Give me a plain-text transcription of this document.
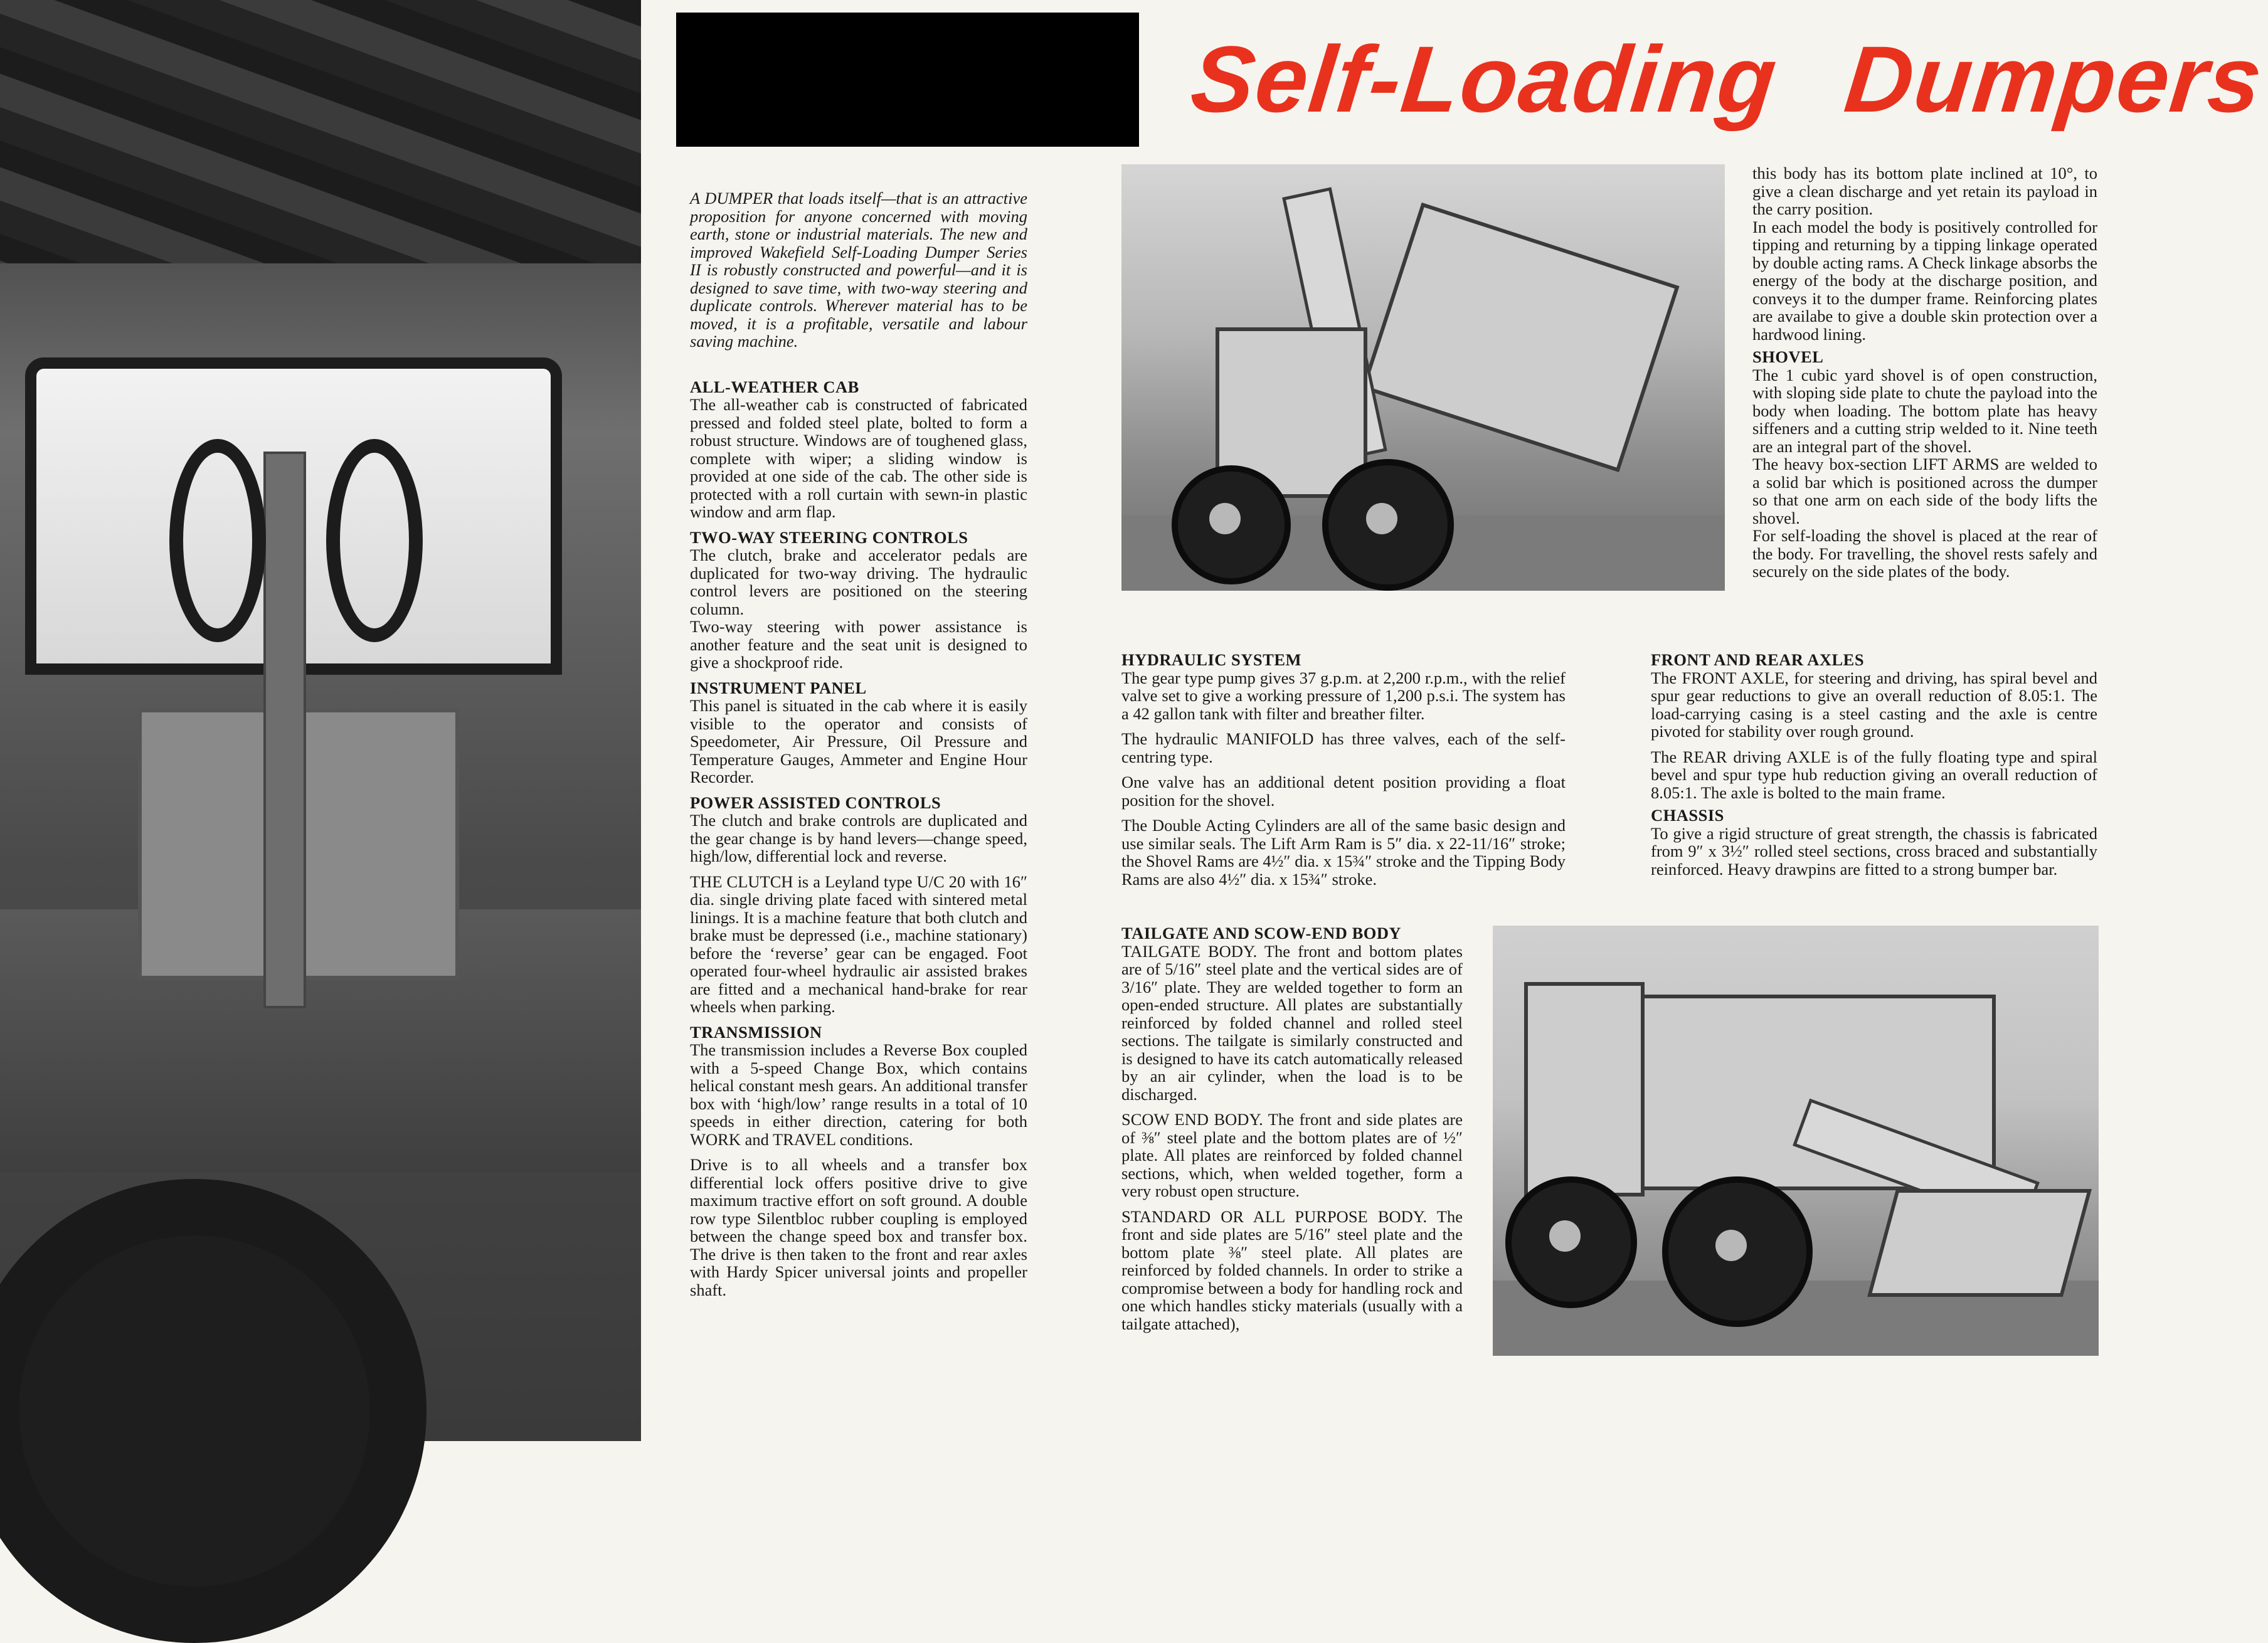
Self-Loading Dumpers

A DUMPER that loads itself—that is an attractive proposition for anyone concerned with moving earth, stone or industrial materials. The new and improved Wakefield Self-Loading Dumper Series II is robustly constructed and powerful—and it is designed to save time, with two-way steering and duplicate controls. Wherever material has to be moved, it is a profitable, versatile and labour saving machine.

ALL-WEATHER CAB

The all-weather cab is constructed of fabricated pressed and folded steel plate, bolted to form a robust structure. Windows are of toughened glass, complete with wiper; a sliding window is provided at one side of the cab. The other side is protected with a roll curtain with sewn-in plastic window and arm flap.

TWO-WAY STEERING CONTROLS

The clutch, brake and accelerator pedals are duplicated for two-way driving. The hydraulic control levers are positioned on the steering column.

Two-way steering with power assistance is another feature and the seat unit is designed to give a shockproof ride.

INSTRUMENT PANEL

This panel is situated in the cab where it is easily visible to the operator and consists of Speedometer, Air Pressure, Oil Pressure and Temperature Gauges, Ammeter and Engine Hour Recorder.

POWER ASSISTED CONTROLS

The clutch and brake controls are duplicated and the gear change is by hand levers—change speed, high/low, differential lock and reverse.

THE CLUTCH is a Leyland type U/C 20 with 16″ dia. single driving plate faced with sintered metal linings. It is a machine feature that both clutch and brake must be depressed (i.e., machine stationary) before the ‘reverse’ gear can be engaged. Foot operated four-wheel hydraulic air assisted brakes are fitted and a mechanical hand-brake for rear wheels when parking.

TRANSMISSION

The transmission includes a Reverse Box coupled with a 5-speed Change Box, which contains helical constant mesh gears. An additional transfer box with ‘high/low’ range results in a total of 10 speeds in either direction, catering for both WORK and TRAVEL conditions.

Drive is to all wheels and a transfer box differential lock offers positive drive to give maximum tractive effort on soft ground. A double row type Silentbloc rubber coupling is employed between the change speed box and transfer box. The drive is then taken to the front and rear axles with Hardy Spicer universal joints and propeller shaft.

this body has its bottom plate inclined at 10°, to give a clean discharge and yet retain its payload in the carry position.

In each model the body is positively controlled for tipping and returning by a tipping linkage operated by double acting rams. A Check linkage absorbs the energy of the body at the discharge position, and conveys it to the dumper frame. Reinforcing plates are availabe to give a double skin protection over a hardwood lining.

SHOVEL

The 1 cubic yard shovel is of open construction, with sloping side plate to chute the payload into the body when loading. The bottom plate has heavy siffeners and a cutting strip welded to it. Nine teeth are an integral part of the shovel.

The heavy box-section LIFT ARMS are welded to a solid bar which is positioned across the dumper so that one arm on each side of the body lifts the shovel.

For self-loading the shovel is placed at the rear of the body. For travelling, the shovel rests safely and securely on the side plates of the body.

HYDRAULIC SYSTEM

The gear type pump gives 37 g.p.m. at 2,200 r.p.m., with the relief valve set to give a working pressure of 1,200 p.s.i. The system has a 42 gallon tank with filter and breather filter.

The hydraulic MANIFOLD has three valves, each of the self-centring type.

One valve has an additional detent position providing a float position for the shovel.

The Double Acting Cylinders are all of the same basic design and use similar seals. The Lift Arm Ram is 5″ dia. x 22-11/16″ stroke; the Shovel Rams are 4½″ dia. x 15¾″ stroke and the Tipping Body Rams are also 4½″ dia. x 15¾″ stroke.

FRONT AND REAR AXLES

The FRONT AXLE, for steering and driving, has spiral bevel and spur gear reductions to give an overall reduction of 8.05:1. The load-carrying casing is a steel casting and the axle is centre pivoted for stability over rough ground.

The REAR driving AXLE is of the fully floating type and spiral bevel and spur type hub reduction giving an overall reduction of 8.05:1. The axle is bolted to the main frame.

CHASSIS

To give a rigid structure of great strength, the chassis is fabricated from 9″ x 3½″ rolled steel sections, cross braced and substantially reinforced. Heavy drawpins are fitted to a strong bumper bar.

TAILGATE AND SCOW-END BODY

TAILGATE BODY. The front and bottom plates are of 5/16″ steel plate and the vertical sides are of 3/16″ plate. They are welded together to form an open-ended structure. All plates are substantially reinforced by folded channel and rolled steel sections. The tailgate is similarly constructed and is designed to have its catch automatically released by an air cylinder, when the load is to be discharged.

SCOW END BODY. The front and side plates are of ⅜″ steel plate and the bottom plates are of ½″ plate. All plates are reinforced by folded channel sections, which, when welded together, form a very robust open structure.

STANDARD OR ALL PURPOSE BODY. The front and side plates are 5/16″ steel plate and the bottom plate ⅜″ steel plate. All plates are reinforced by folded channels. In order to strike a compromise between a body for handling rock and one which handles sticky materials (usually with a tailgate attached),
